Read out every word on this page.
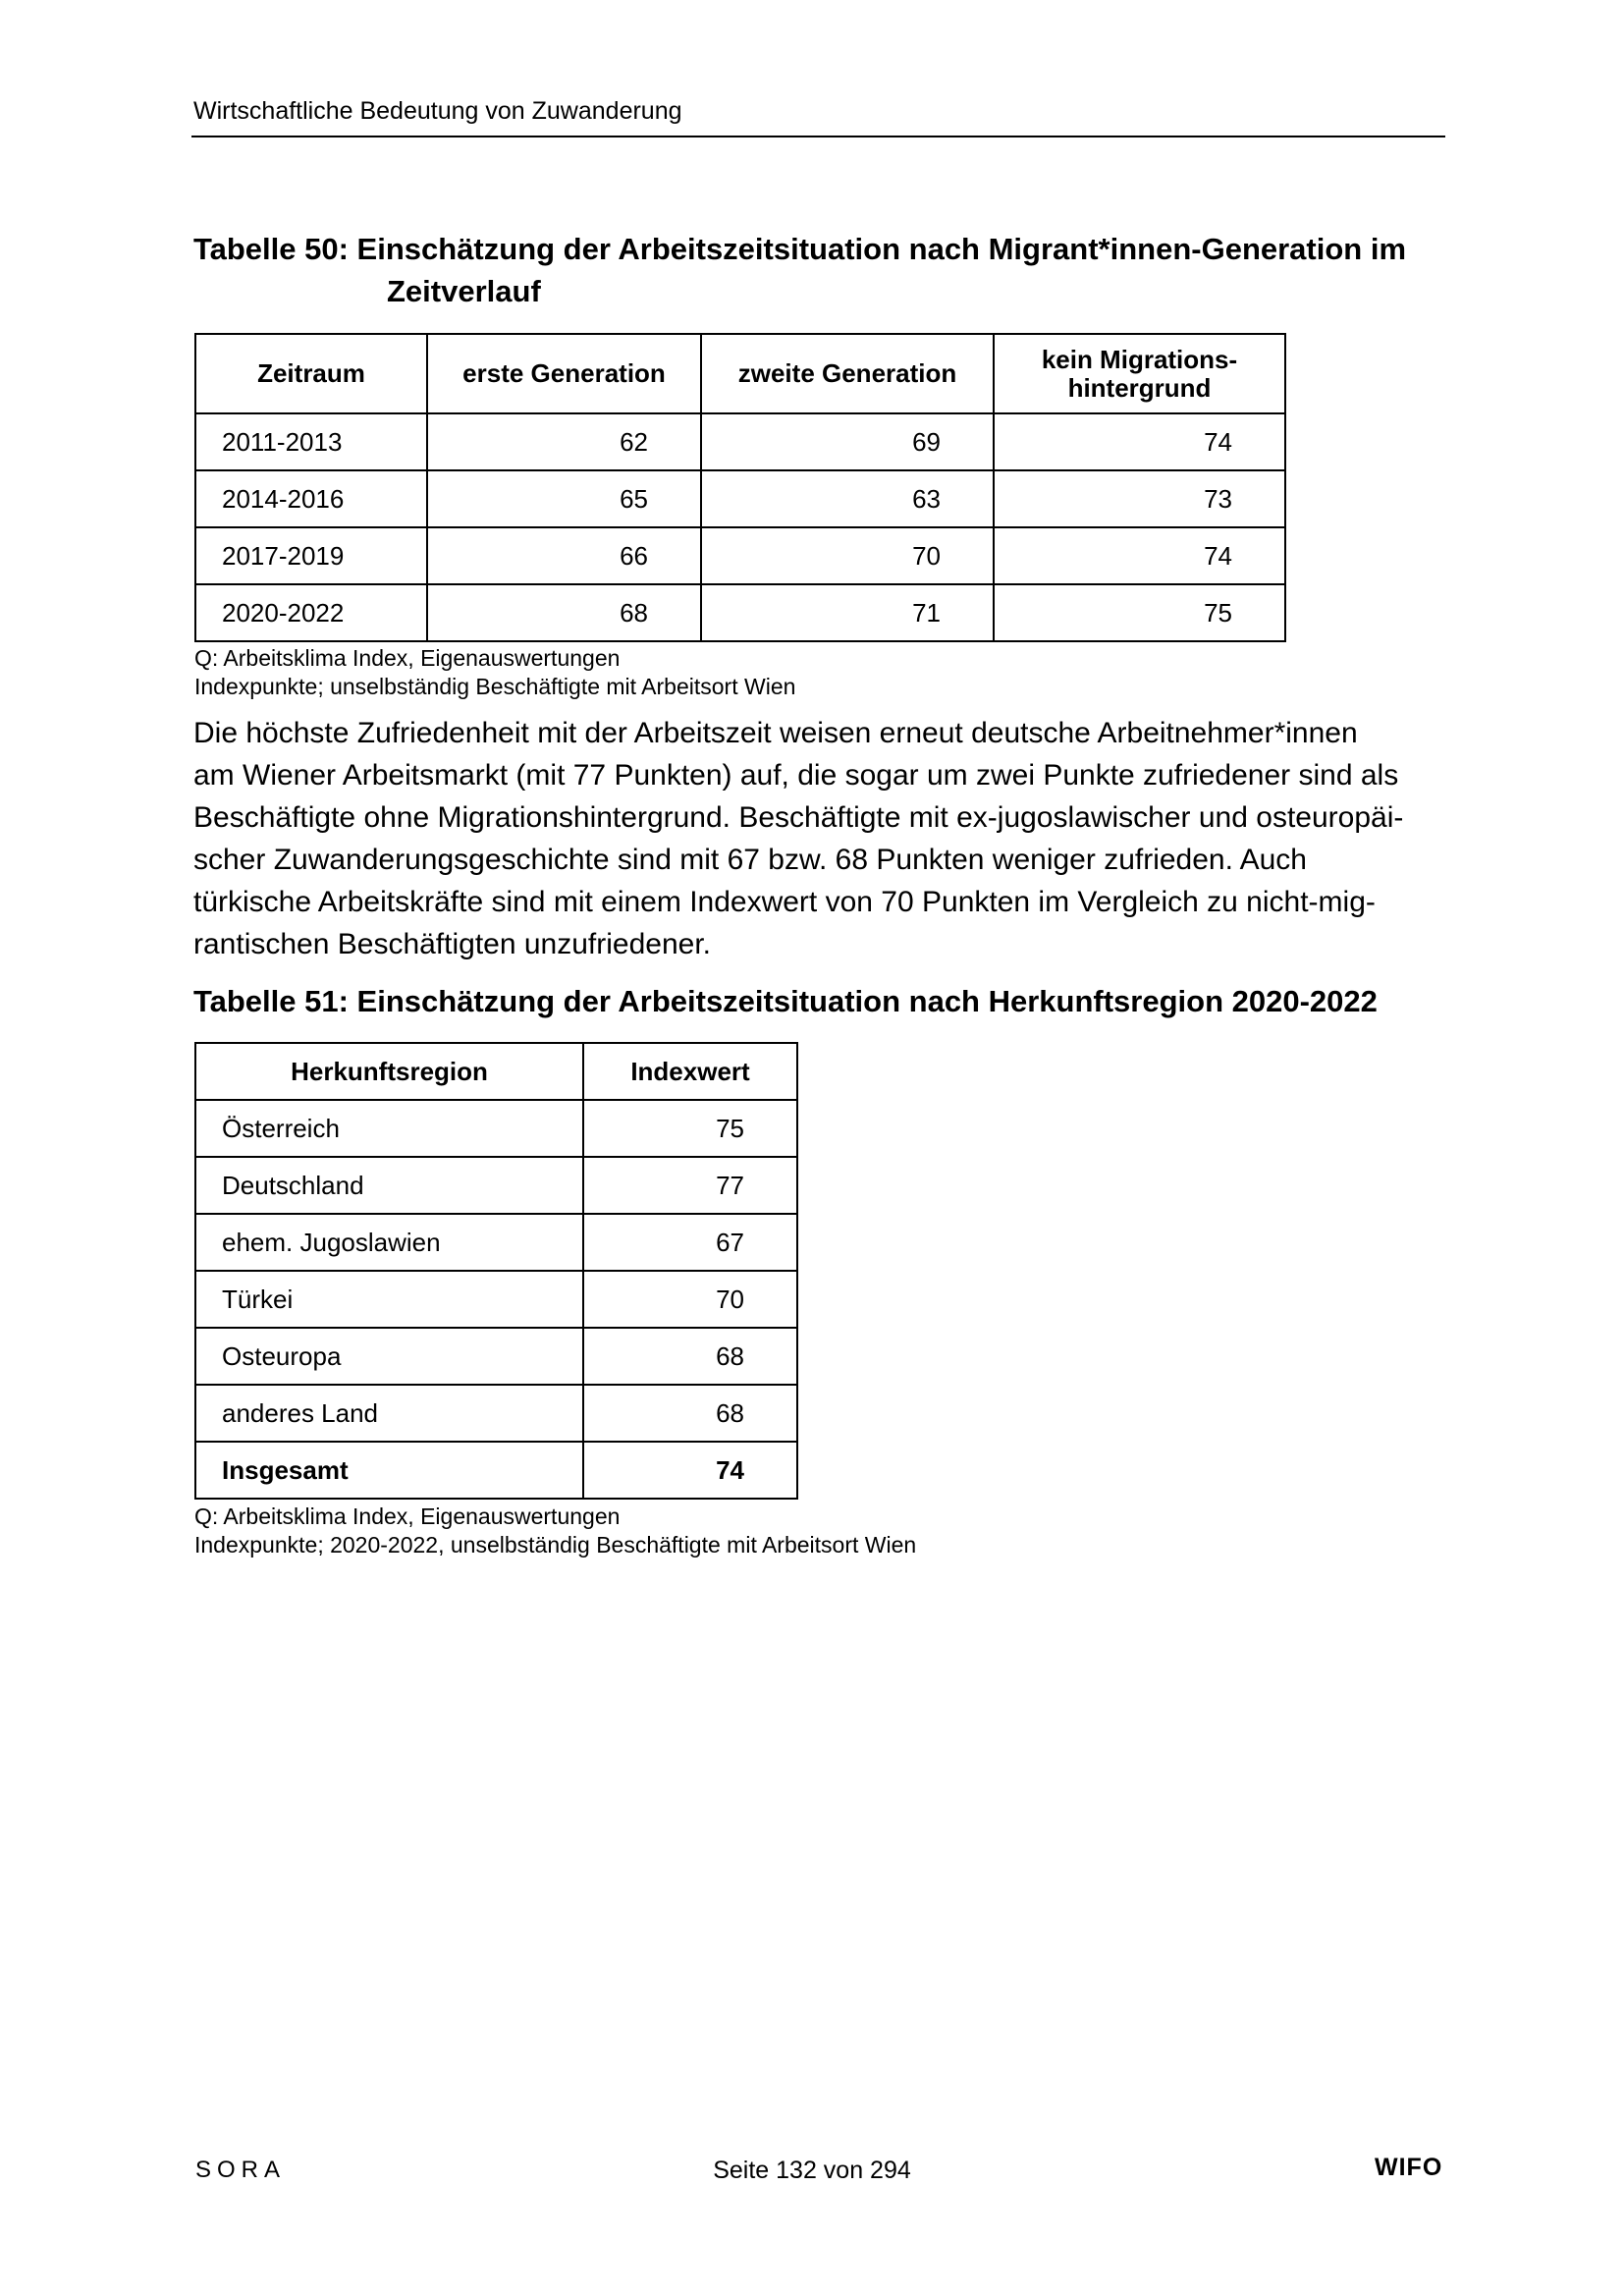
Wirtschaftliche Bedeutung von Zuwanderung
Tabelle 50: Einschätzung der Arbeitszeitsituation nach Migrant*innen-Generation im
Zeitverlauf
Zeitraum	erste Generation	zweite Generation	kein Migrations-
hintergrund
2011-2013	62	69	74
2014-2016	65	63	73
2017-2019	66	70	74
2020-2022	68	71	75
Q: Arbeitsklima Index, Eigenauswertungen
Indexpunkte; unselbständig Beschäftigte mit Arbeitsort Wien
Die höchste Zufriedenheit mit der Arbeitszeit weisen erneut deutsche Arbeitnehmer*innen
am Wiener Arbeitsmarkt (mit 77 Punkten) auf, die sogar um zwei Punkte zufriedener sind als
Beschäftigte ohne Migrationshintergrund. Beschäftigte mit ex-jugoslawischer und osteuropäi-
scher Zuwanderungsgeschichte sind mit 67 bzw. 68 Punkten weniger zufrieden. Auch
türkische Arbeitskräfte sind mit einem Indexwert von 70 Punkten im Vergleich zu nicht-mig-
rantischen Beschäftigten unzufriedener.
Tabelle 51: Einschätzung der Arbeitszeitsituation nach Herkunftsregion 2020-2022
Herkunftsregion	Indexwert
Österreich	75
Deutschland	77
ehem. Jugoslawien	67
Türkei	70
Osteuropa	68
anderes Land	68
Insgesamt	74
Q: Arbeitsklima Index, Eigenauswertungen
Indexpunkte; 2020-2022, unselbständig Beschäftigte mit Arbeitsort Wien
SORA	Seite 132 von 294	WIFO
